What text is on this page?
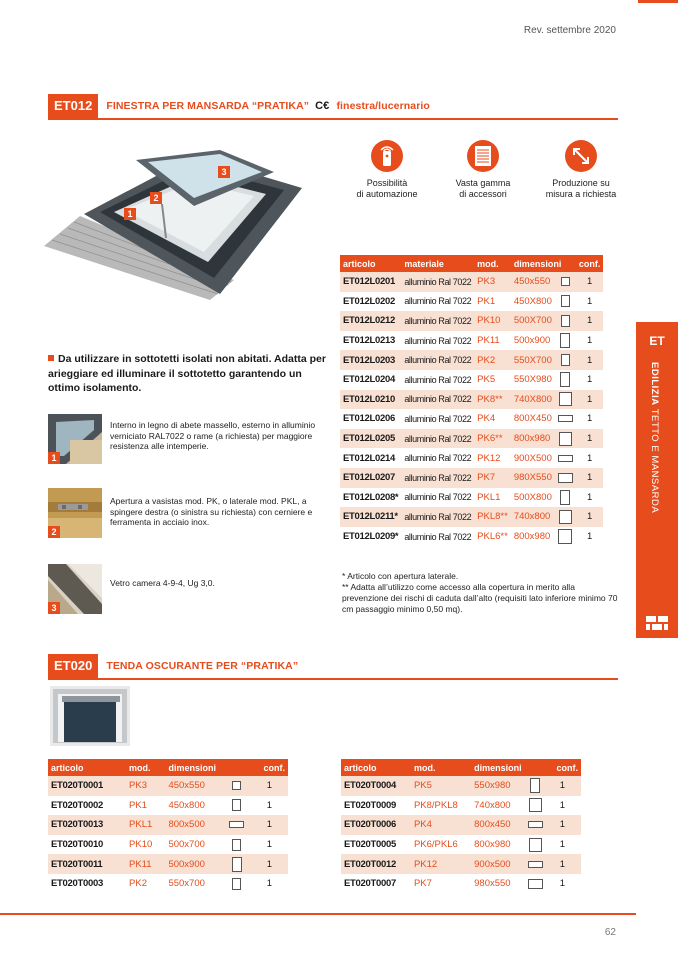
Rev. settembre 2020
ET012	FINESTRA PER MANSARDA “PRATIKA” C€ finestra/lucernario
1
2
3
Possibilità
di automazione
Vasta gamma
di accessori
Produzione su
misura a richiesta
articolo	materiale	mod.	dimensioni		conf.
ET012L0201	alluminio Ral 7022	PK3	450x550		1
ET012L0202	alluminio Ral 7022	PK1	450X800		1
ET012L0212	alluminio Ral 7022	PK10	500X700		1
ET012L0213	alluminio Ral 7022	PK11	500x900		1
ET012L0203	alluminio Ral 7022	PK2	550X700		1
ET012L0204	alluminio Ral 7022	PK5	550X980		1
ET012L0210	alluminio Ral 7022	PK8**	740X800		1
ET012L0206	alluminio Ral 7022	PK4	800X450		1
ET012L0205	alluminio Ral 7022	PK6**	800x980		1
ET012L0214	alluminio Ral 7022	PK12	900X500		1
ET012L0207	alluminio Ral 7022	PK7	980X550		1
ET012L0208*	alluminio Ral 7022	PKL1	500X800		1
ET012L0211*	alluminio Ral 7022	PKL8**	740x800		1
ET012L0209*	alluminio Ral 7022	PKL6**	800x980		1
Da utilizzare in sottotetti isolati non abitati. Adatta per arieggiare ed illuminare il sottotetto garantendo un ottimo isolamento.
1
Interno in legno di abete massello, esterno in alluminio verniciato RAL7022 o rame (a richiesta) per maggiore resistenza alle intemperie.
2
Apertura a vasistas mod. PK, o laterale mod. PKL, a spingere destra (o sinistra su richiesta) con cerniere e ferramenta in acciaio inox.
3
Vetro camera 4-9-4, Ug 3,0.
* Articolo con apertura laterale.
** Adatta all’utilizzo come accesso alla copertura in merito alla prevenzione dei rischi di caduta dall’alto (requisiti lato inferiore minimo 70 cm passaggio minimo 0,50 mq).
ET020	TENDA OSCURANTE PER “PRATIKA”
articolo	mod.	dimensioni		conf.
ET020T0001	PK3	450x550		1
ET020T0002	PK1	450x800		1
ET020T0013	PKL1	800x500		1
ET020T0010	PK10	500x700		1
ET020T0011	PK11	500x900		1
ET020T0003	PK2	550x700		1
articolo	mod.	dimensioni		conf.
ET020T0004	PK5	550x980		1
ET020T0009	PK8/PKL8	740x800		1
ET020T0006	PK4	800x450		1
ET020T0005	PK6/PKL6	800x980		1
ET020T0012	PK12	900x500		1
ET020T0007	PK7	980x550		1
ET
EDILIZIA TETTO E MANSARDA
62
